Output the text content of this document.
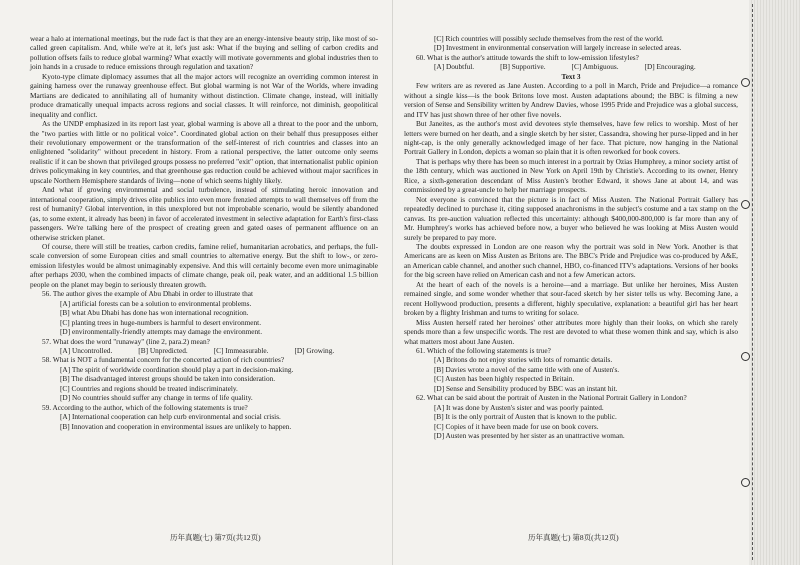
wear a halo at international meetings, but the rude fact is that they are an energy-intensive beauty strip, like most of so-called green capitalism. And, while we're at it, let's just ask: What if the buying and selling of carbon credits and pollution offsets fails to reduce global warming? What exactly will motivate governments and global industries then to join hands in a crusade to reduce emissions through regulation and taxation?

Kyoto-type climate diplomacy assumes that all the major actors will recognize an overriding common interest in gaining harness over the runaway greenhouse effect. But global warming is not War of the Worlds, where invading Martians are dedicated to annihilating all of humanity without distinction. Climate change, instead, will initially produce dramatically unequal impacts across regions and social classes. It will reinforce, not diminish, geopolitical inequality and conflict.

As the UNDP emphasized in its report last year, global warming is above all a threat to the poor and the unborn, the "two parties with little or no political voice". Coordinated global action on their behalf thus presupposes either their revolutionary empowerment or the transformation of the self-interest of rich countries and classes into an enlightened "solidarity" without precedent in history. From a rational perspective, the latter outcome only seems realistic if it can be shown that privileged groups possess no preferred "exit" option, that internationalist public opinion drives policymaking in key countries, and that greenhouse gas reduction could be achieved without major sacrifices in upscale Northern Hemisphere standards of living—none of which seems highly likely.

And what if growing environmental and social turbulence, instead of stimulating heroic innovation and international cooperation, simply drives elite publics into even more frenzied attempts to wall themselves off from the rest of humanity? Global intervention, in this unexplored but not improbable scenario, would be silently abandoned (as, to some extent, it already has been) in favor of accelerated investment in selective adaptation for Earth's first-class passengers. We're talking here of the prospect of creating green and gated oases of permanent affluence on an otherwise stricken planet.

Of course, there will still be treaties, carbon credits, famine relief, humanitarian acrobatics, and perhaps, the full-scale conversion of some European cities and small countries to alternative energy. But the shift to low-, or zero-emission lifestyles would be almost unimaginably expensive. And this will certainly become even more unimaginable after perhaps 2030, when the combined impacts of climate change, peak oil, peak water, and an additional 1.5 billion people on the planet may begin to seriously threaten growth.

56. The author gives the example of Abu Dhabi in order to illustrate that

[A] artificial forests can be a solution to environmental problems.

[B] what Abu Dhabi has done has won international recognition.

[C] planting trees in huge-numbers is harmful to desert environment.

[D] environmentally-friendly attempts may damage the environment.

57. What does the word "runaway" (line 2, para.2) mean?

[A] Uncontrolled.	[B] Unpredicted.	[C] Immeasurable.	[D] Growing.

58. What is NOT a fundamental concern for the concerted action of rich countries?

[A] The spirit of worldwide coordination should play a part in decision-making.

[B] The disadvantaged interest groups should be taken into consideration.

[C] Countries and regions should be treated indiscriminately.

[D] No countries should suffer any change in terms of life quality.

59. According to the author, which of the following statements is true?

[A] International cooperation can help curb environmental and social crisis.

[B] Innovation and cooperation in environmental issues are unlikely to happen.

[C] Rich countries will possibly seclude themselves from the rest of the world.

[D] Investment in environmental conservation will largely increase in selected areas.

60. What is the author's attitude towards the shift to low-emission lifestyles?

[A] Doubtful.	[B] Supportive.	[C] Ambiguous.	[D] Encouraging.

Text 3

Few writers are as revered as Jane Austen. According to a poll in March, Pride and Prejudice—a romance without a single kiss—is the book Britons love most. Austen adaptations abound; the BBC is filming a new version of Sense and Sensibility written by Andrew Davies, whose 1995 Pride and Prejudice was a global success, and ITV has just shown three of her other five novels.

But Janeites, as the author's most avid devotees style themselves, have few relics to worship. Most of her letters were burned on her death, and a single sketch by her sister, Cassandra, showing her purse-lipped and in her night-cap, is the only generally acknowledged image of her face. That picture, now hanging in the National Portrait Gallery in London, depicts a woman so plain that it is often reworked for book covers.

That is perhaps why there has been so much interest in a portrait by Ozias Humphrey, a minor society artist of the 18th century, which was auctioned in New York on April 19th by Christie's. According to its owner, Henry Rice, a sixth-generation descendant of Miss Austen's brother Edward, it shows Jane at about 14, and was commissioned by a great-uncle to help her marriage prospects.

Not everyone is convinced that the picture is in fact of Miss Austen. The National Portrait Gallery has repeatedly declined to purchase it, citing supposed anachronisms in the subject's costume and a tax stamp on the canvas. Its pre-auction valuation reflected this uncertainty: although $400,000-800,000 is far more than any of Mr. Humphrey's works has achieved before now, a buyer who believed he was looking at Miss Austen would surely be prepared to pay more.

The doubts expressed in London are one reason why the portrait was sold in New York. Another is that Americans are as keen on Miss Austen as Britons are. The BBC's Pride and Prejudice was co-produced by A&E, an American cable channel, and another such channel, HBO, co-financed ITV's adaptations. Versions of her books for the big screen have relied on American cash and not a few American actors.

At the heart of each of the novels is a heroine—and a marriage. But unlike her heroines, Miss Austen remained single, and some wonder whether that sour-faced sketch by her sister tells us why. Becoming Jane, a recent Hollywood production, presents a different, highly speculative, explanation: a beautiful girl has her heart broken by a flighty Irishman and turns to writing for solace.

Miss Austen herself rated her heroines' other attributes more highly than their looks, on which she rarely spends more than a few unspecific words. The rest are devoted to what these women think and say, which is also what matters most about Jane Austen.

61. Which of the following statements is true?

[A] Britons do not enjoy stories with lots of romantic details.

[B] Davies wrote a novel of the same title with one of Austen's.

[C] Austen has been highly respected in Britain.

[D] Sense and Sensibility produced by BBC was an instant hit.

62. What can be said about the portrait of Austen in the National Portrait Gallery in London?

[A] It was done by Austen's sister and was poorly painted.

[B] It is the only portrait of Austen that is known to the public.

[C] Copies of it have been made for use on book covers.

[D] Austen was presented by her sister as an unattractive woman.

历年真题(七) 第7页(共12页)	历年真题(七) 第8页(共12页)
